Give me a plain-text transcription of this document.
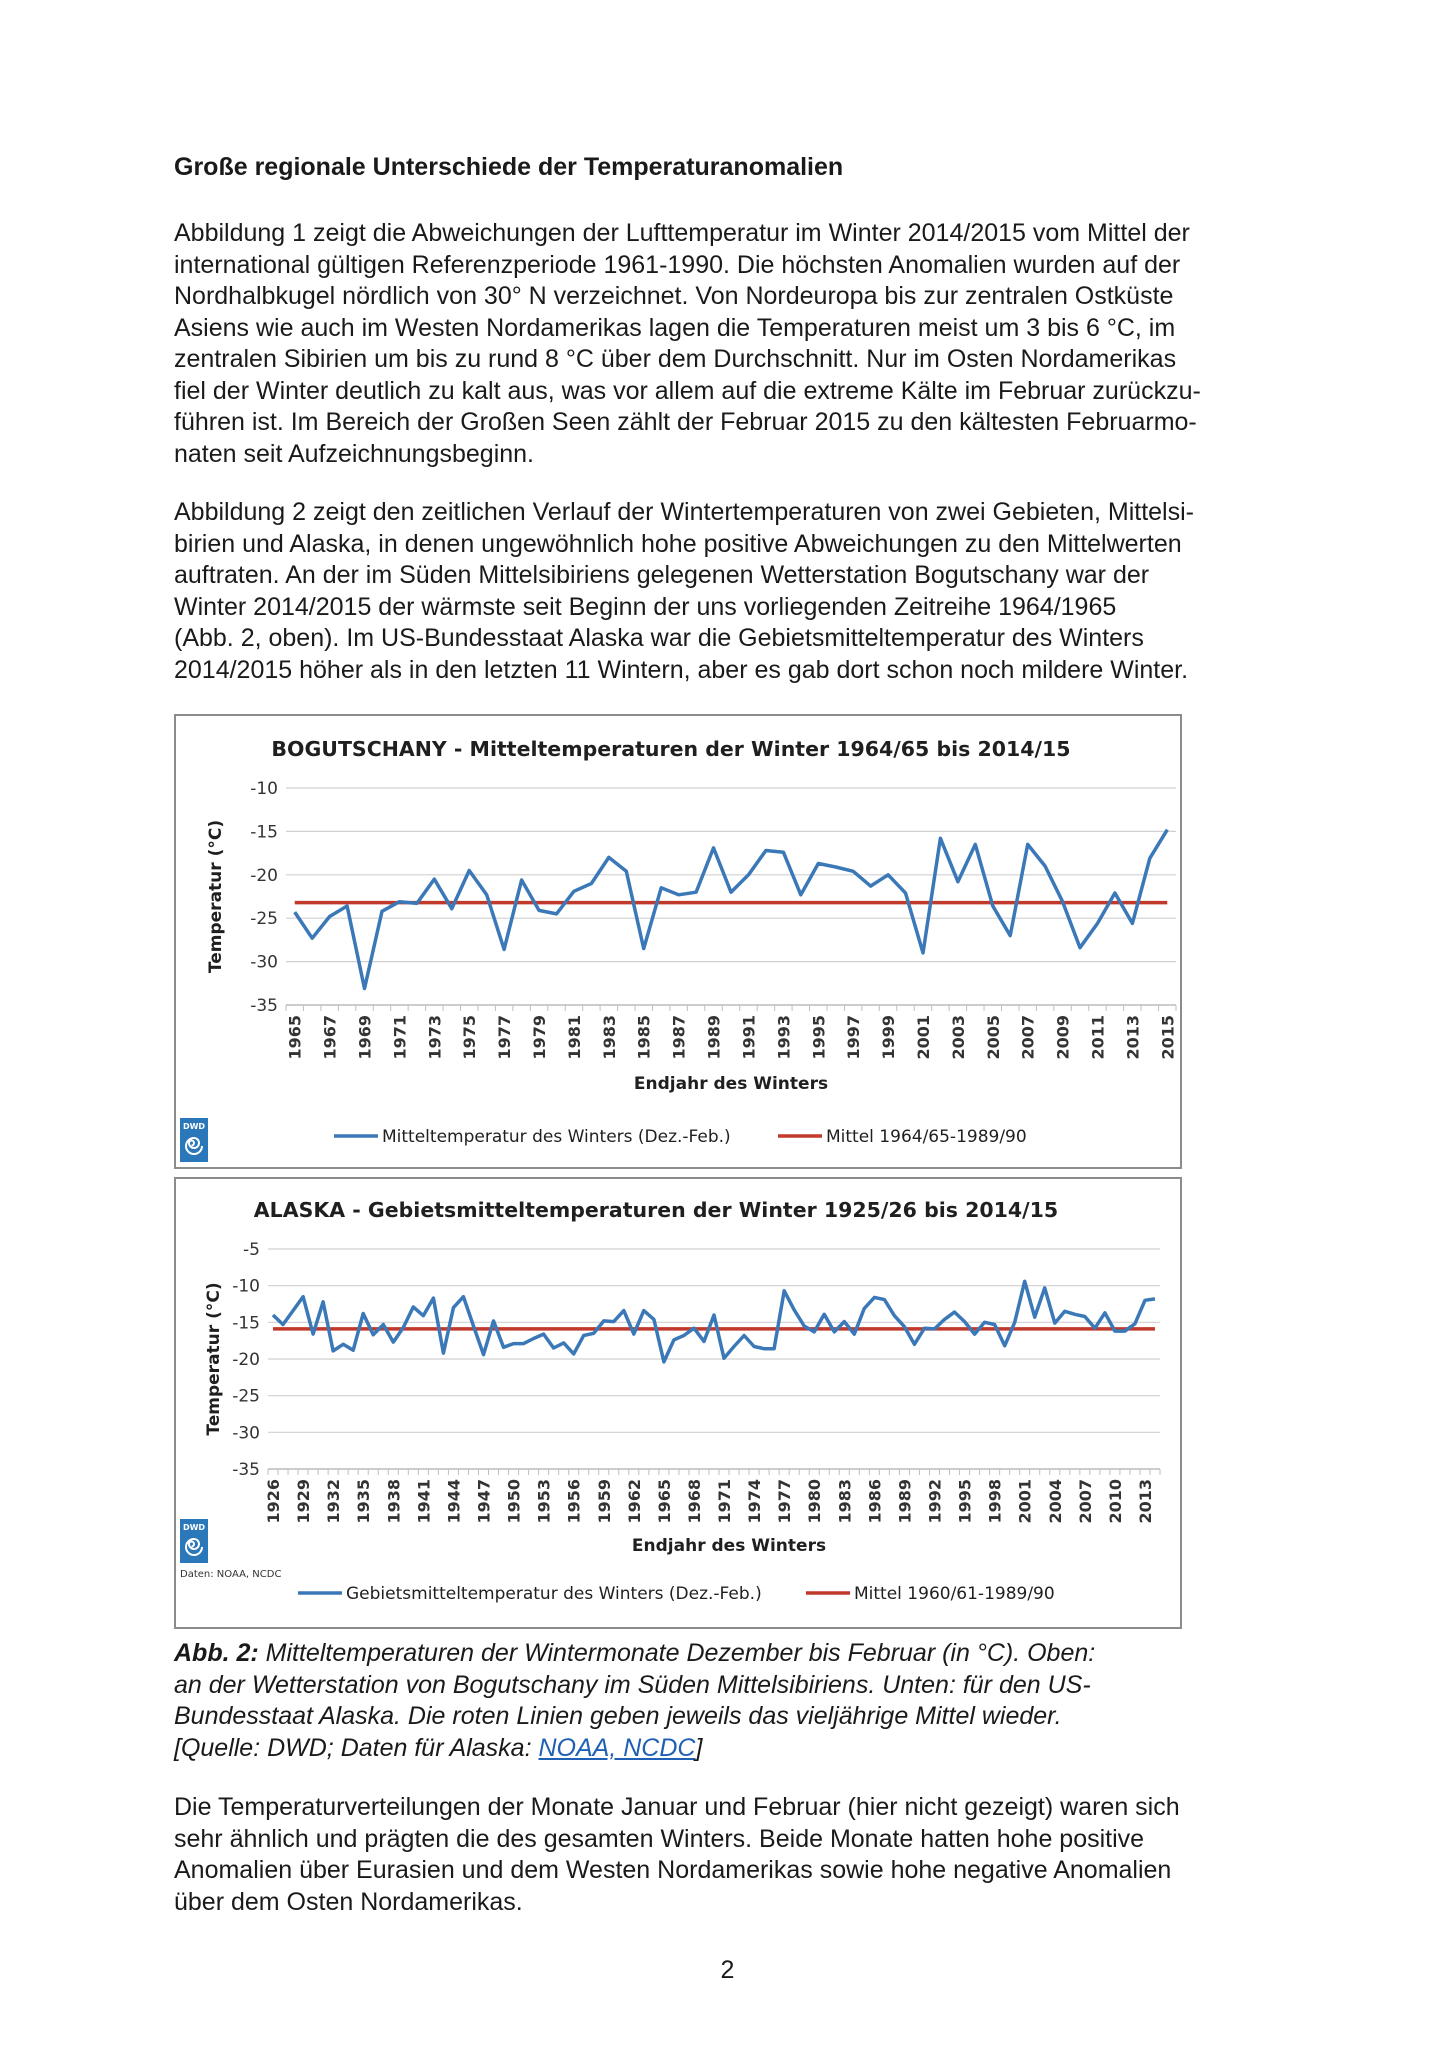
Große regionale Unterschiede der Temperaturanomalien
Abbildung 1 zeigt die Abweichungen der Lufttemperatur im Winter 2014/2015 vom Mittel der
international gültigen Referenzperiode 1961-1990. Die höchsten Anomalien wurden auf der
Nordhalbkugel nördlich von 30° N verzeichnet. Von Nordeuropa bis zur zentralen Ostküste
Asiens wie auch im Westen Nordamerikas lagen die Temperaturen meist um 3 bis 6 °C, im
zentralen Sibirien um bis zu rund 8 °C über dem Durchschnitt. Nur im Osten Nordamerikas
fiel der Winter deutlich zu kalt aus, was vor allem auf die extreme Kälte im Februar zurückzu-
führen ist. Im Bereich der Großen Seen zählt der Februar 2015 zu den kältesten Februarmo-
naten seit Aufzeichnungsbeginn.
Abbildung 2 zeigt den zeitlichen Verlauf der Wintertemperaturen von zwei Gebieten, Mittelsi-
birien und Alaska, in denen ungewöhnlich hohe positive Abweichungen zu den Mittelwerten
auftraten. An der im Süden Mittelsibiriens gelegenen Wetterstation Bogutschany war der
Winter 2014/2015 der wärmste seit Beginn der uns vorliegenden Zeitreihe 1964/1965
(Abb. 2, oben). Im US-Bundesstaat Alaska war die Gebietsmitteltemperatur des Winters
2014/2015 höher als in den letzten 11 Wintern, aber es gab dort schon noch mildere Winter.
BOGUTSCHANY - Mitteltemperaturen der Winter 1964/65 bis 2014/15
-10
-15
-20
-25
-30
-35
1965 1967 1969 1971 1973 1975 1977 1979 1981 1983 1985 1987 1989 1991 1993 1995 1997 1999 2001 2003 2005 2007 2009 2011 2013 2015
Endjahr des Winters
Temperatur (°C)
Mitteltemperatur des Winters (Dez.-Feb.)	Mittel 1964/65-1989/90
DWD
ALASKA - Gebietsmitteltemperaturen der Winter 1925/26 bis 2014/15
-5
-10
-15
-20
-25
-30
-35
1926 1929 1932 1935 1938 1941 1944 1947 1950 1953 1956 1959 1962 1965 1968 1971 1974 1977 1980 1983 1986 1989 1992 1995 1998 2001 2004 2007 2010 2013
Endjahr des Winters
Temperatur (°C)
Gebietsmitteltemperatur des Winters (Dez.-Feb.)	Mittel 1960/61-1989/90
DWD
Daten: NOAA, NCDC
Abb. 2: Mitteltemperaturen der Wintermonate Dezember bis Februar (in °C). Oben:
an der Wetterstation von Bogutschany im Süden Mittelsibiriens. Unten: für den US-
Bundesstaat Alaska. Die roten Linien geben jeweils das vieljährige Mittel wieder.
[Quelle: DWD; Daten für Alaska: NOAA, NCDC]
Die Temperaturverteilungen der Monate Januar und Februar (hier nicht gezeigt) waren sich
sehr ähnlich und prägten die des gesamten Winters. Beide Monate hatten hohe positive
Anomalien über Eurasien und dem Westen Nordamerikas sowie hohe negative Anomalien
über dem Osten Nordamerikas.
2
